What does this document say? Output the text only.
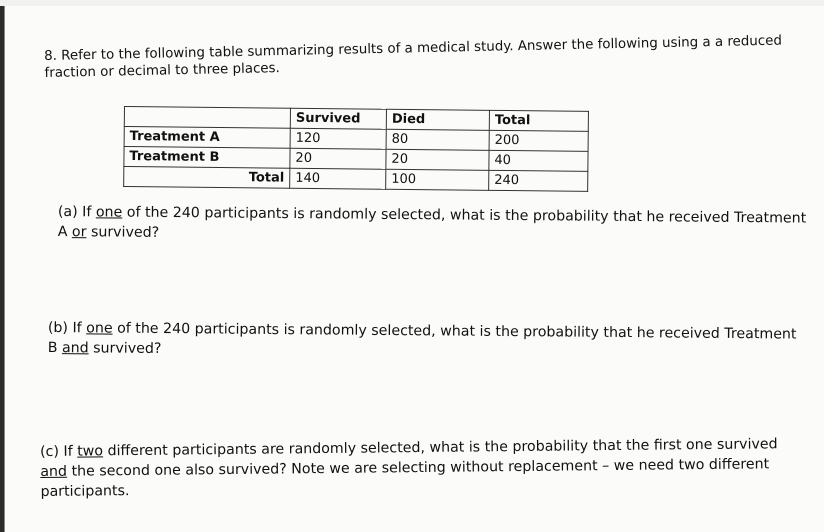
8. Refer to the following table summarizing results of a medical study. Answer the following using a a reduced
fraction or decimal to three places.
	Survived	Died	Total
Treatment A	120	80	200
Treatment B	20	20	40
Total	140	100	240
(a) If one of the 240 participants is randomly selected, what is the probability that he received Treatment
A or survived?
(b) If one of the 240 participants is randomly selected, what is the probability that he received Treatment
B and survived?
(c) If two different participants are randomly selected, what is the probability that the first one survived
and the second one also survived? Note we are selecting without replacement – we need two different
participants.
